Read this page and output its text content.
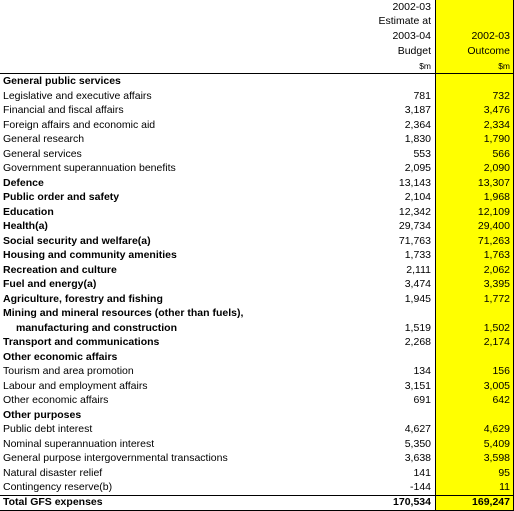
2002-03
Estimate at
2003-04
Budget
$m
2002-03
Outcome
$m
General public services
Legislative and executive affairs	781	732
Financial and fiscal affairs	3,187	3,476
Foreign affairs and economic aid	2,364	2,334
General research	1,830	1,790
General services	553	566
Government superannuation benefits	2,095	2,090
Defence	13,143	13,307
Public order and safety	2,104	1,968
Education	12,342	12,109
Health(a)	29,734	29,400
Social security and welfare(a)	71,763	71,263
Housing and community amenities	1,733	1,763
Recreation and culture	2,111	2,062
Fuel and energy(a)	3,474	3,395
Agriculture, forestry and fishing	1,945	1,772
Mining and mineral resources (other than fuels),
manufacturing and construction	1,519	1,502
Transport and communications	2,268	2,174
Other economic affairs
Tourism and area promotion	134	156
Labour and employment affairs	3,151	3,005
Other economic affairs	691	642
Other purposes
Public debt interest	4,627	4,629
Nominal superannuation interest	5,350	5,409
General purpose intergovernmental transactions	3,638	3,598
Natural disaster relief	141	95
Contingency reserve(b)	-144	11
Total GFS expenses	170,534	169,247
